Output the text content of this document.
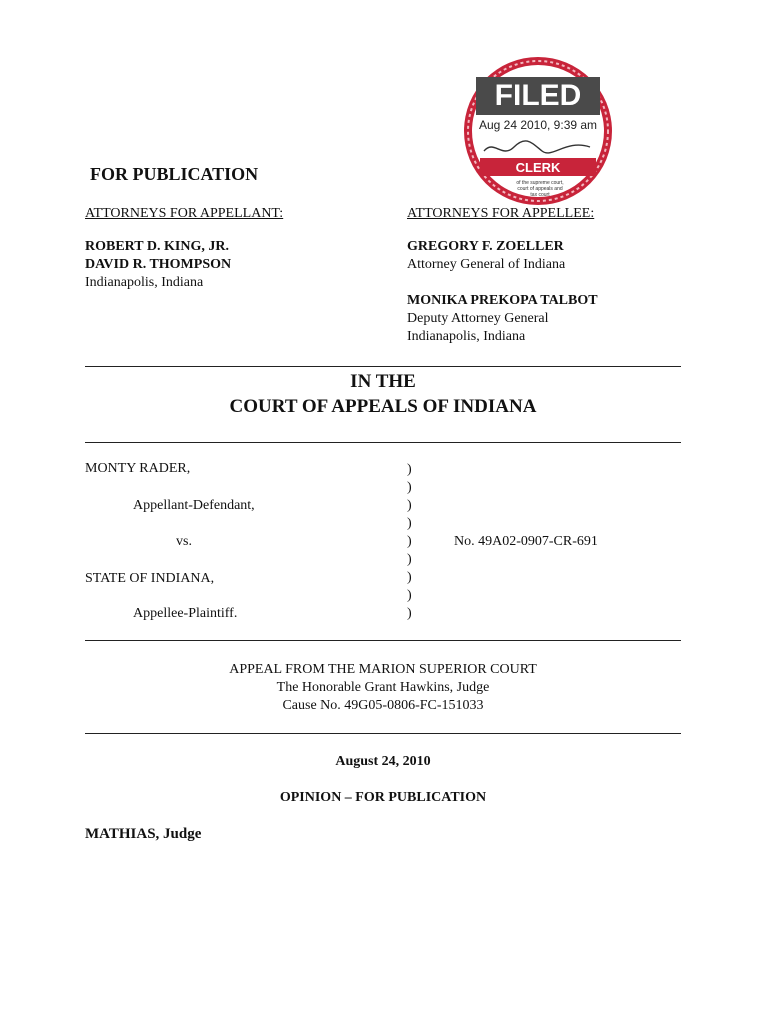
FILED
Aug 24 2010, 9:39 am
CLERK
of the supreme court,
court of appeals and
tax court
FOR PUBLICATION
ATTORNEYS FOR APPELLANT:
ROBERT D. KING, JR.
DAVID R. THOMPSON
Indianapolis, Indiana
ATTORNEYS FOR APPELLEE:
GREGORY F. ZOELLER
Attorney General of Indiana
MONIKA PREKOPA TALBOT
Deputy Attorney General
Indianapolis, Indiana
IN THE
COURT OF APPEALS OF INDIANA
MONTY RADER,
Appellant-Defendant,
vs.
STATE OF INDIANA,
Appellee-Plaintiff.
)
)
)
)
)
)
)
)
)
No. 49A02-0907-CR-691
APPEAL FROM THE MARION SUPERIOR COURT
The Honorable Grant Hawkins, Judge
Cause No. 49G05-0806-FC-151033
August 24, 2010
OPINION – FOR PUBLICATION
MATHIAS, Judge
